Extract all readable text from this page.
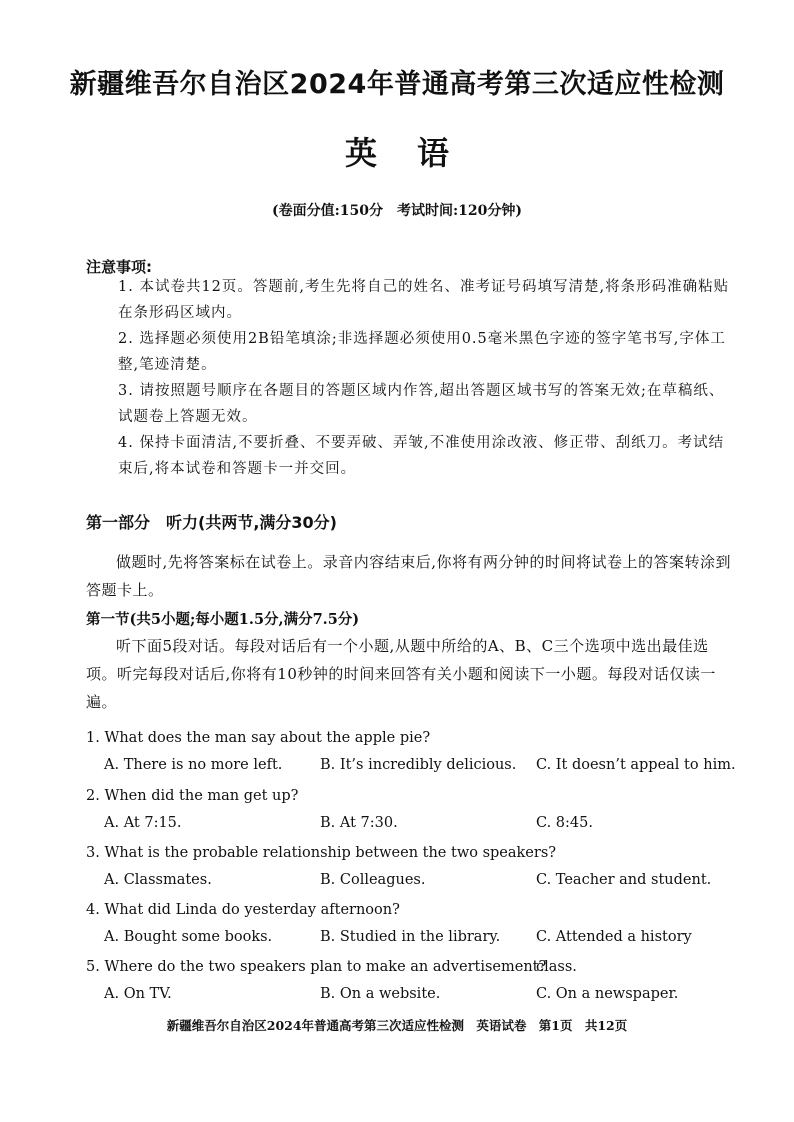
新疆维吾尔自治区2024年普通高考第三次适应性检测
英语
(卷面分值:150分　考试时间:120分钟)
注意事项:
1. 本试卷共12页。答题前,考生先将自己的姓名、准考证号码填写清楚,将条形码准确粘贴在条形码区域内。
2. 选择题必须使用2B铅笔填涂;非选择题必须使用0.5毫米黑色字迹的签字笔书写,字体工整,笔迹清楚。
3. 请按照题号顺序在各题目的答题区域内作答,超出答题区域书写的答案无效;在草稿纸、试题卷上答题无效。
4. 保持卡面清洁,不要折叠、不要弄破、弄皱,不准使用涂改液、修正带、刮纸刀。考试结束后,将本试卷和答题卡一并交回。
第一部分　听力(共两节,满分30分)
做题时,先将答案标在试卷上。录音内容结束后,你将有两分钟的时间将试卷上的答案转涂到答题卡上。
第一节(共5小题;每小题1.5分,满分7.5分)
听下面5段对话。每段对话后有一个小题,从题中所给的A、B、C三个选项中选出最佳选项。听完每段对话后,你将有10秒钟的时间来回答有关小题和阅读下一小题。每段对话仅读一遍。
1. What does the man say about the apple pie?
A. There is no more left.	B. It’s incredibly delicious. C. It doesn’t appeal to him.
2. When did the man get up?
A. At 7:15.	B. At 7:30.	C. 8:45.
3. What is the probable relationship between the two speakers?
A. Classmates.	B. Colleagues.	C. Teacher and student.
4. What did Linda do yesterday afternoon?
A. Bought some books.	B. Studied in the library. C. Attended a history class.
5. Where do the two speakers plan to make an advertisement?
A. On TV.	B. On a website.	C. On a newspaper.
新疆维吾尔自治区2024年普通高考第三次适应性检测 英语试卷 第1页 共12页
